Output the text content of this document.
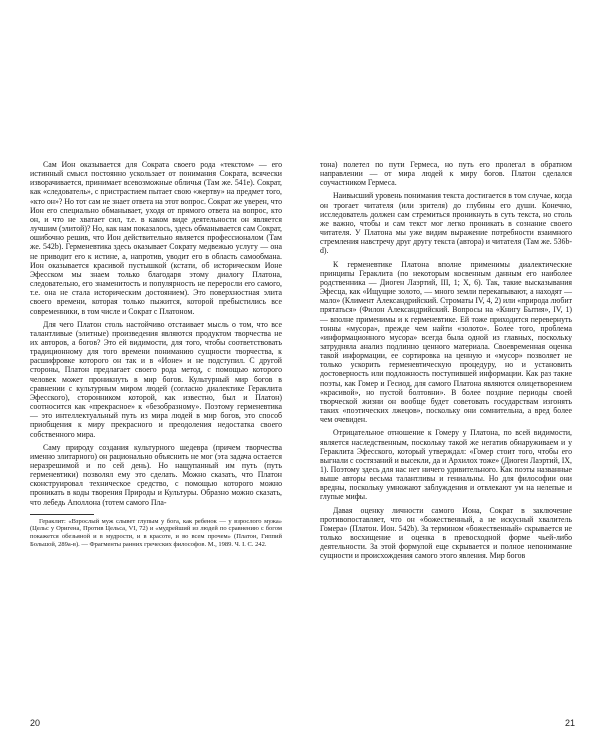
Сам Ион оказывается для Сократа своего рода «текстом» — его истинный смысл постоянно ускользает от понимания Сократа, всячески изворачивается, принимает всевозможные обличья (Там же. 541е). Сократ, как «следователь», с пристрастием пытает свою «жертву» на предмет того, «кто он»? Но тот сам не знает ответа на этот вопрос. Сократ же уверен, что Ион его специально обманывает, уходя от прямого ответа на вопрос, кто он, и что не хватает сил, т.е. в каком виде деятельности он является лучшим (элитой)? Но, как нам показалось, здесь обманывается сам Сократ, ошибочно решив, что Ион действительно является профессионалом (Там же. 542b). Герменевтика здесь оказывает Сократу медвежью услугу — она не приводит его к истине, а, напротив, уводит его в область самообмана. Ион оказывается красивой пустышкой (кстати, об историческом Ионе Эфесском мы знаем только благодаря этому диалогу Платона, следовательно, его знаменитость и популярность не переросли его самого, т.е. она не стала историческим достоянием). Это поверхностная элита своего времени, которая только пыжится, которой пребыстились все современники, в том числе и Сократ с Платоном.

Для чего Платон столь настойчиво отстаивает мысль о том, что все талантливые (элитные) произведения являются продуктом творчества не их авторов, а богов? Это ей видимости, для того, чтобы соответствовать традиционному для того времени пониманию сущности творчества, к расшифровке которого он так и в «Ионе» и не подступил. С другой стороны, Платон предлагает своего рода метод, с помощью которого человек может проникнуть в мир богов. Культурный мир богов в сравнении с культурным миром людей (согласно диалектике Гераклита Эфесского), сторонником которой, как известно, был и Платон) соотносится как «прекрасное» к «безобразному». Поэтому герменевтика — это интеллектуальный путь из мира людей в мир богов, это способ приобщения к миру прекрасного и преодоления недостатка своего собственного мира.

Саму природу создания культурного шедевра (причем творчества именно элитарного) он рационально объяснить не мог (эта задача остается неразрешимой и по сей день). Но нащупанный им путь (путь герменевтики) позволял ему это сделать. Можно сказать, что Платон сконструировал техническое средство, с помощью которого можно проникать в коды творения Природы и Культуры. Образно можно сказать, что лебедь Аполлона (тотем самого Пла-

Гераклит: «Взрослый муж слывет глупым у бога, как ребенок — у взрослого мужа» (Цельс у Оригена, Против Цельса, VI, 72) и «мудрейший из людей по сравнению с богом покажется обезьяной и в мудрости, и в красоте, и во всем прочем» (Платон, Гиппий Большой, 289а-в). — Фрагменты ранних греческих философов. М., 1989. Ч. I. С. 242.

тона) полетел по пути Гермеса, но путь его пролегал в обратном направлении — от мира людей к миру богов. Платон сделался соучастником Гермеса.

Наивысший уровень понимания текста достигается в том случае, когда он трогает читателя (или зрителя) до глубины его души. Конечно, исследователь должен сам стремиться проникнуть в суть текста, но столь же важно, чтобы и сам текст мог легко проникать в сознание своего читателя. У Платона мы уже видим выражение потребности взаимного стремления навстречу друг другу текста (автора) и читателя (Там же. 536b-d).

К герменевтике Платона вполне применимы диалектические принципы Гераклита (по некоторым косвенным данным его наиболее родственника — Диоген Лаэртий, III, 1; Х, 6). Так, такие высказывания Эфесца, как «Ищущие золото, — много земли перекапывают, а находят — мало» (Климент Александрийский. Строматы IV, 4, 2) или «природа любит прятаться» (Филон Александрийский. Вопросы на «Книгу Бытия», IV, 1) — вполне применимы и к герменевтике. Ей тоже приходится перевернуть тонны «мусора», прежде чем найти «золото». Более того, проблема «информационного мусора» всегда была одной из главных, поскольку затрудняла анализ подлинно ценного материала. Своевременная оценка такой информации, ее сортировка на ценную и «мусор» позволяет не только ускорить герменевтическую процедуру, но и установить достоверность или подложность поступившей информации. Как раз такие поэты, как Гомер и Гесиод, для самого Платона являются олицетворением «красивой», но пустой болтовни». В более поздние периоды своей творческой жизни он вообще будет советовать государствам изгонять таких «поэтических лжецов», поскольку они сомнительна, а вред более чем очевиден.

Отрицательное отношение к Гомеру у Платона, по всей видимости, является наследственным, поскольку такой же негатив обнаруживаем и у Гераклита Эфесского, который утверждал: «Гомер стоит того, чтобы его выгнали с состязаний и высекли, да и Архилох тоже» (Диоген Лаэртий, IX, 1). Поэтому здесь для нас нет ничего удивительного. Как поэты названные выше авторы весьма талантливы и гениальны. Но для философии они вредны, поскольку умножают заблуждения и отвлекают ум на нелепые и глупые мифы.

Давая оценку личности самого Иона, Сократ в заключение противопоставляет, что он «божественный, а не искусный хвалитель Гомера» (Платон. Ион. 542b). За термином «божественный» скрывается не только восхищение и оценка в превосходной форме чьей-либо деятельности. За этой формулой еще скрывается и полное непонимание сущности и происхождения самого этого явления. Мир богов

20	21
